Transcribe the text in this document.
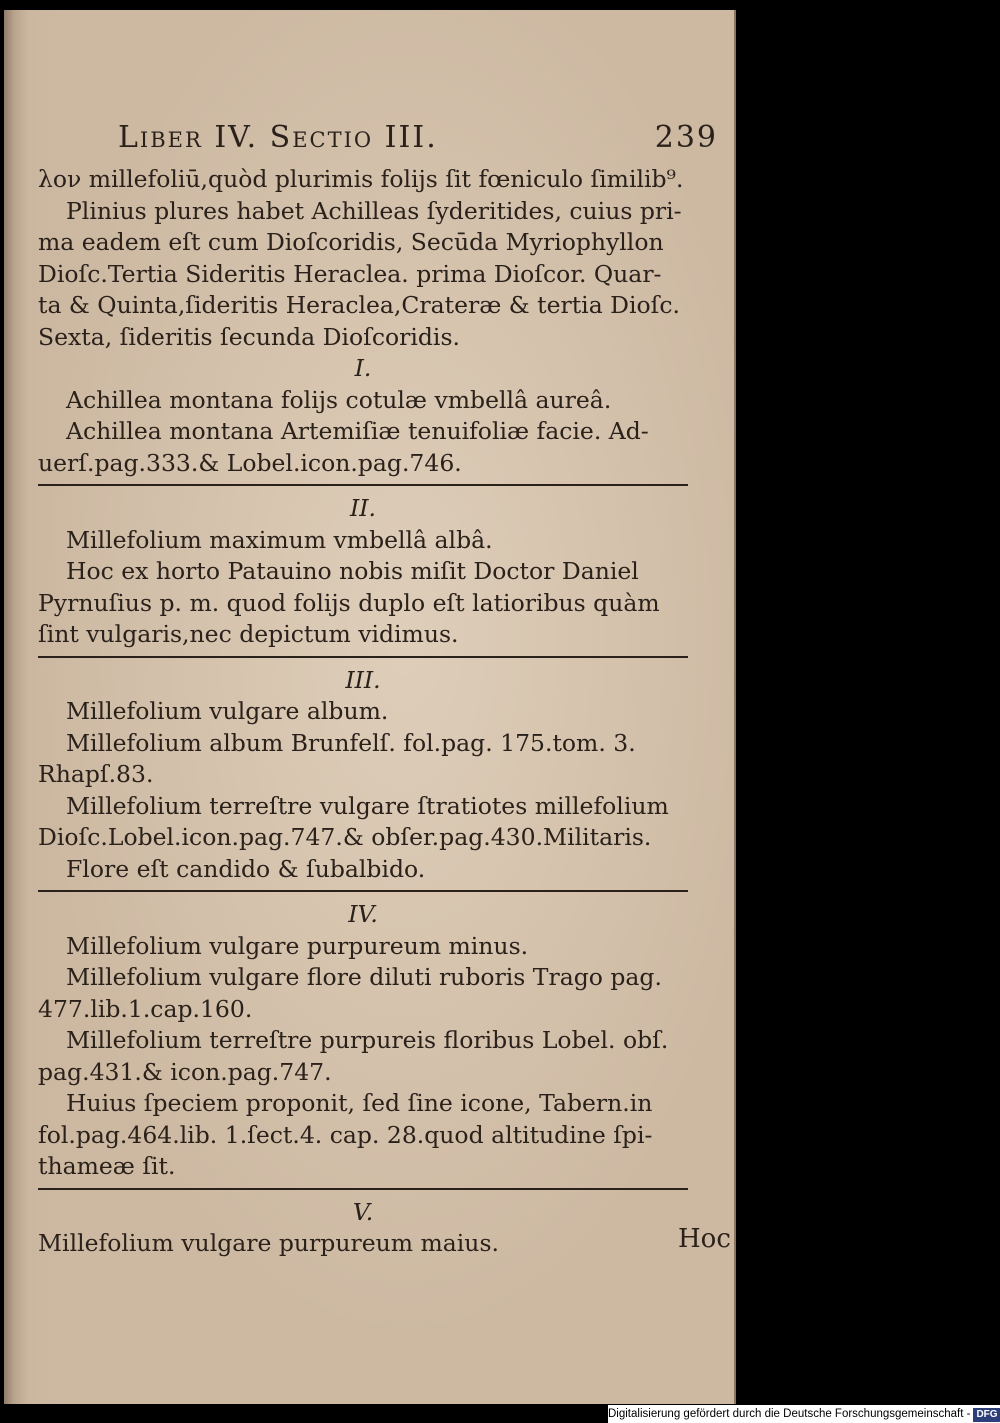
Liber IV. Sectio III.	239
λον millefoliū,quòd plurimis folijs ſit fœniculo ſimilib⁹.
Plinius plures habet Achilleas ſyderitides, cuius pri-
ma eadem eſt cum Dioſcoridis, Secūda Myriophyllon
Dioſc.Tertia Sideritis Heraclea. prima Dioſcor. Quar-
ta & Quinta,ſideritis Heraclea,Crateræ & tertia Dioſc.
Sexta, ſideritis ſecunda Dioſcoridis.
I.
Achillea montana folijs cotulæ vmbellâ aureâ.
Achillea montana Artemiſiæ tenuifoliæ facie. Ad-
uerſ.pag.333.& Lobel.icon.pag.746.
II.
Millefolium maximum vmbellâ albâ.
Hoc ex horto Patauino nobis miſit Doctor Daniel
Pyrnuſius p. m. quod folijs duplo eſt latioribus quàm
ſint vulgaris,nec depictum vidimus.
III.
Millefolium vulgare album.
Millefolium album Brunfelſ. fol.pag. 175.tom. 3.
Rhapſ.83.
Millefolium terreſtre vulgare ſtratiotes millefolium
Dioſc.Lobel.icon.pag.747.& obſer.pag.430.Militaris.
Flore eſt candido & ſubalbido.
IV.
Millefolium vulgare purpureum minus.
Millefolium vulgare flore diluti ruboris Trago pag.
477.lib.1.cap.160.
Millefolium terreſtre purpureis floribus Lobel. obſ.
pag.431.& icon.pag.747.
Huius ſpeciem proponit, ſed ſine icone, Tabern.in
fol.pag.464.lib. 1.ſect.4. cap. 28.quod altitudine ſpi-
thameæ ſit.
V.
Millefolium vulgare purpureum maius.	Hoc
Digitalisierung gefördert durch die Deutsche Forschungsgemeinschaft - DFG
